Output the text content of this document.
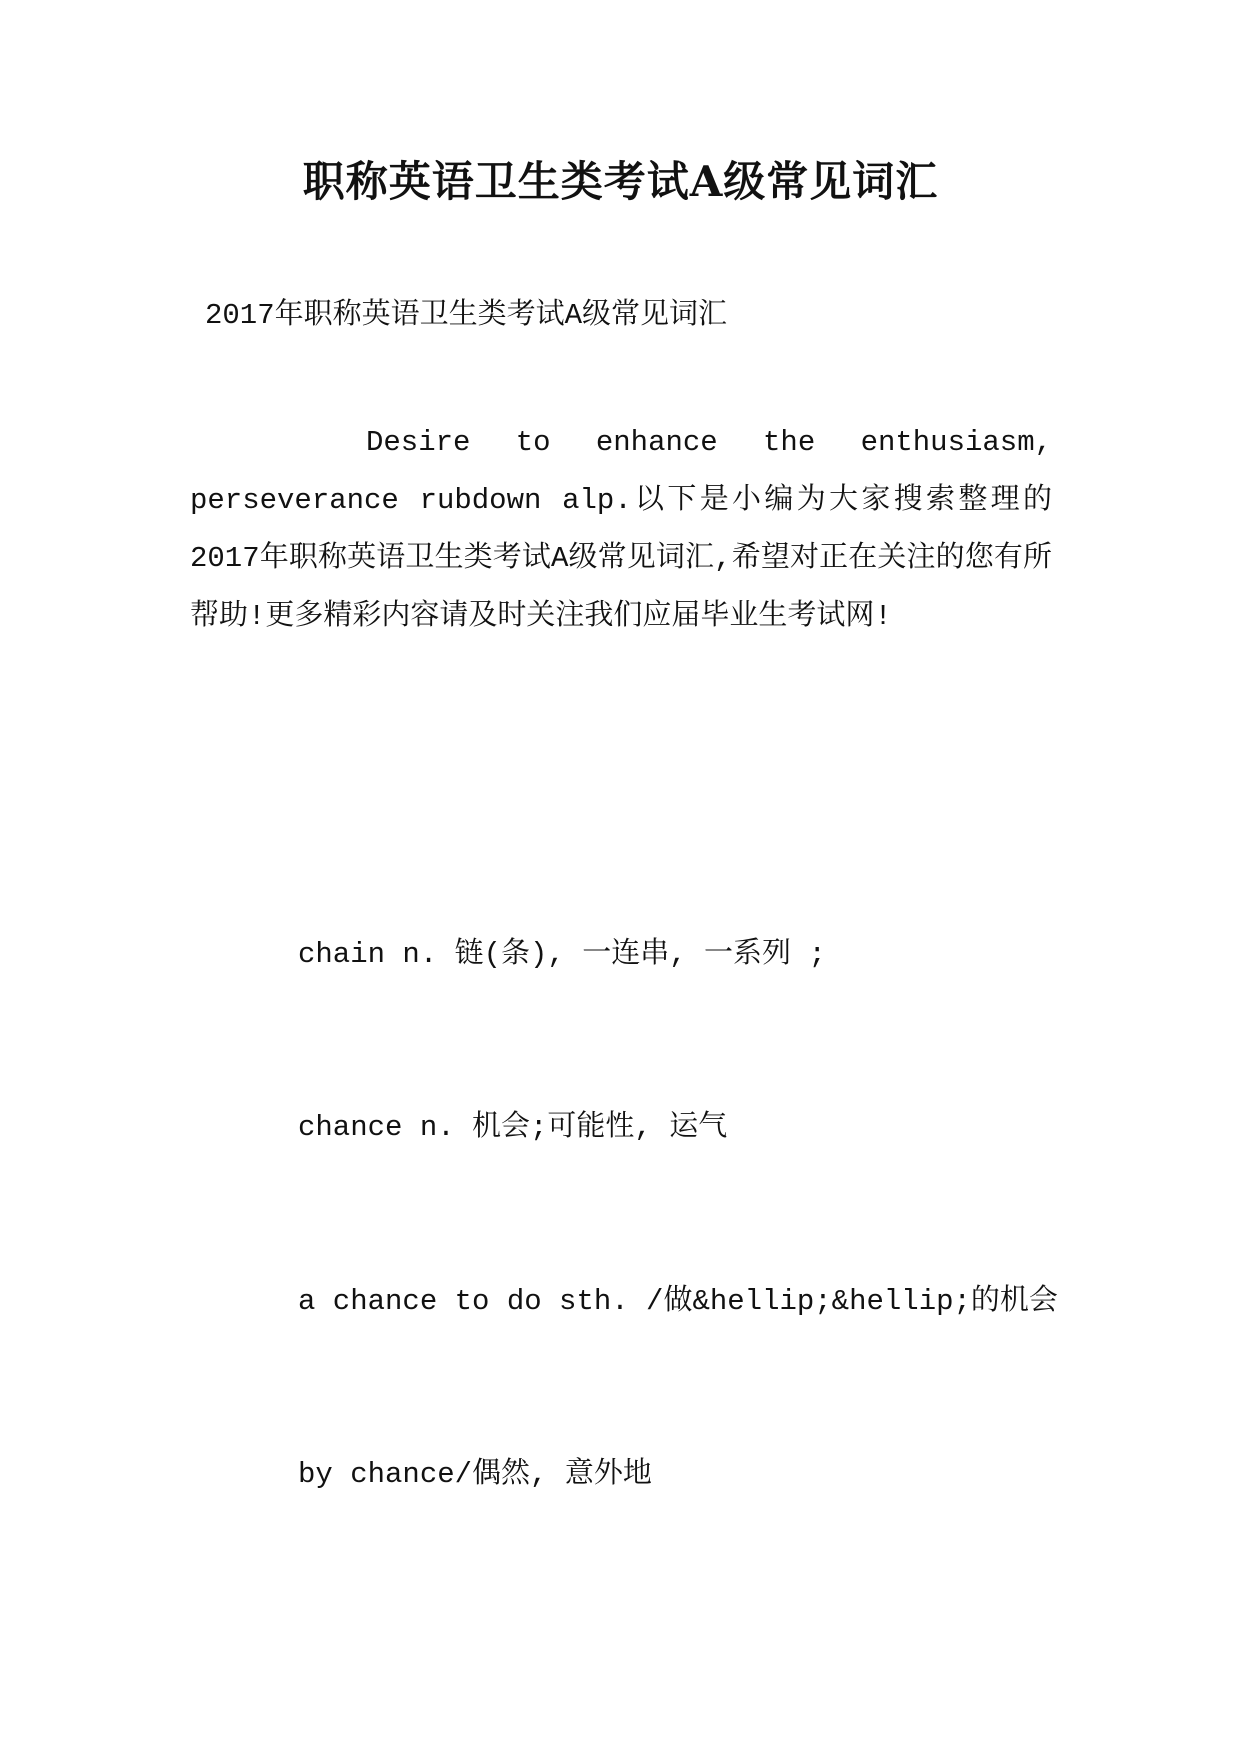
职称英语卫生类考试A级常见词汇

2017年职称英语卫生类考试A级常见词汇

Desire to enhance the enthusiasm, perseverance rubdown alp.以下是小编为大家搜索整理的2017年职称英语卫生类考试A级常见词汇,希望对正在关注的您有所帮助!更多精彩内容请及时关注我们应届毕业生考试网!

chain n. 链(条), 一连串, 一系列 ;

chance n. 机会;可能性, 运气

a chance to do sth. /做&hellip;&hellip;的机会

by chance/偶然, 意外地
